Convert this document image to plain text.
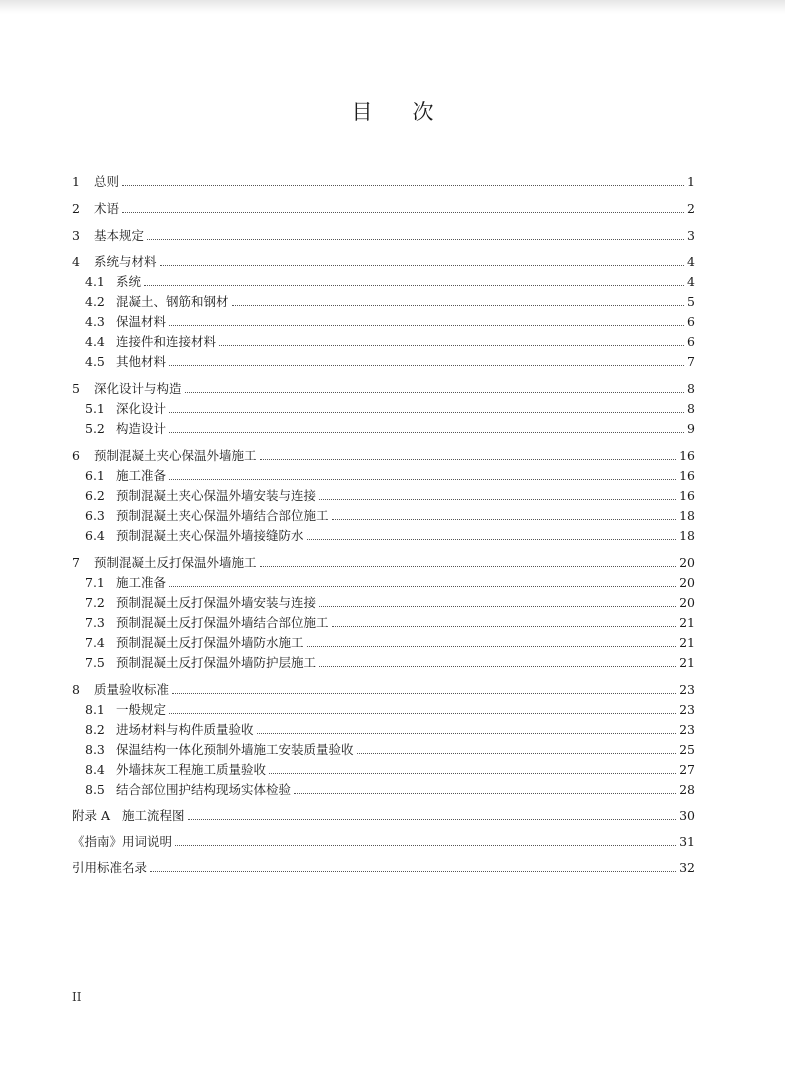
目 次
1	总则	1
2	术语	2
3	基本规定	3
4	系统与材料	4
4.1 系统	4
4.2 混凝土、钢筋和钢材	5
4.3 保温材料	6
4.4 连接件和连接材料	6
4.5 其他材料	7
5	深化设计与构造	8
5.1 深化设计	8
5.2 构造设计	9
6	预制混凝土夹心保温外墙施工	16
6.1 施工准备	16
6.2 预制混凝土夹心保温外墙安装与连接	16
6.3 预制混凝土夹心保温外墙结合部位施工	18
6.4 预制混凝土夹心保温外墙接缝防水	18
7	预制混凝土反打保温外墙施工	20
7.1 施工准备	20
7.2 预制混凝土反打保温外墙安装与连接	20
7.3 预制混凝土反打保温外墙结合部位施工	21
7.4 预制混凝土反打保温外墙防水施工	21
7.5 预制混凝土反打保温外墙防护层施工	21
8	质量验收标准	23
8.1 一般规定	23
8.2 进场材料与构件质量验收	23
8.3 保温结构一体化预制外墙施工安装质量验收	25
8.4 外墙抹灰工程施工质量验收	27
8.5 结合部位围护结构现场实体检验	28
附录 A 施工流程图	30
《指南》用词说明	31
引用标准名录	32
II
